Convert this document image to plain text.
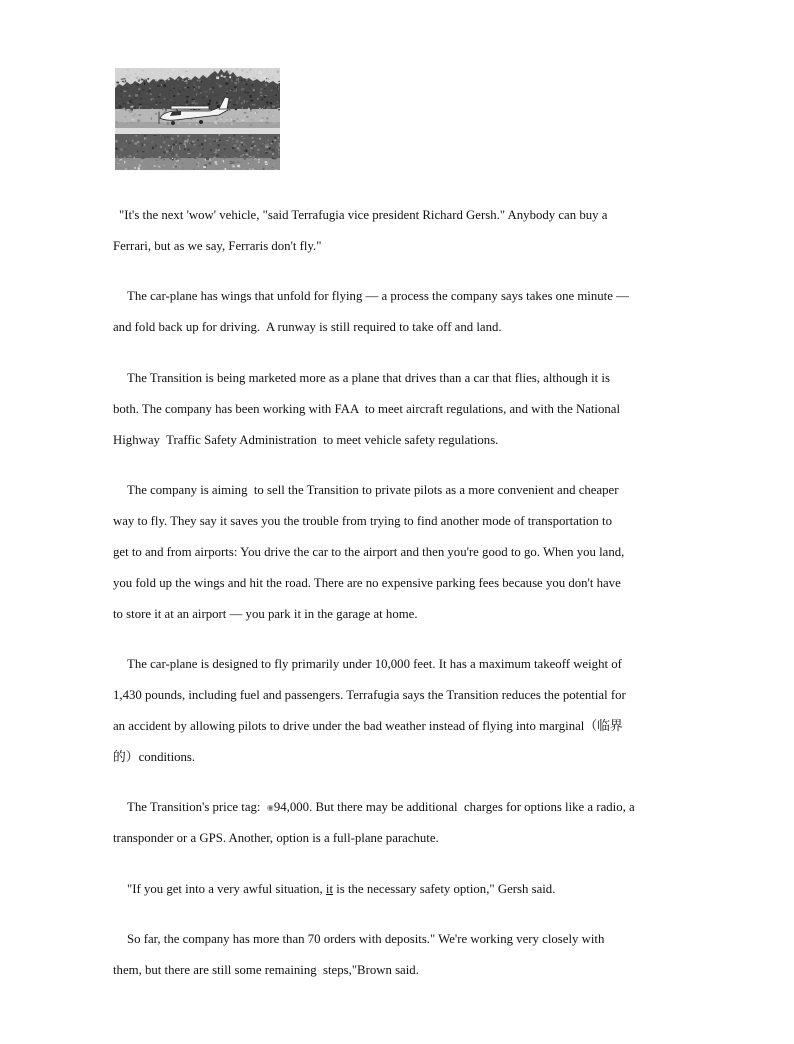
"It's the next 'wow' vehicle, "said Terrafugia vice president Richard Gersh." Anybody can buy a
Ferrari, but as we say, Ferraris don't fly."

The car-plane has wings that unfold for flying — a process the company says takes one minute —
and fold back up for driving.  A runway is still required to take off and land.

The Transition is being marketed more as a plane that drives than a car that flies, although it is
both. The company has been working with FAA  to meet aircraft regulations, and with the National
Highway  Traffic Safety Administration  to meet vehicle safety regulations.

The company is aiming  to sell the Transition to private pilots as a more convenient and cheaper
way to fly. They say it saves you the trouble from trying to find another mode of transportation to
get to and from airports: You drive the car to the airport and then you're good to go. When you land,
you fold up the wings and hit the road. There are no expensive parking fees because you don't have
to store it at an airport — you park it in the garage at home.

The car-plane is designed to fly primarily under 10,000 feet. It has a maximum takeoff weight of
1,430 pounds, including fuel and passengers. Terrafugia says the Transition reduces the potential for
an accident by allowing pilots to drive under the bad weather instead of flying into marginal（临界
的）conditions.

The Transition's price tag:  ◉94,000. But there may be additional  charges for options like a radio, a
transponder or a GPS. Another, option is a full-plane parachute.

"If you get into a very awful situation, it is the necessary safety option," Gersh said.

So far, the company has more than 70 orders with deposits." We're working very closely with
them, but there are still some remaining  steps,"Brown said.
